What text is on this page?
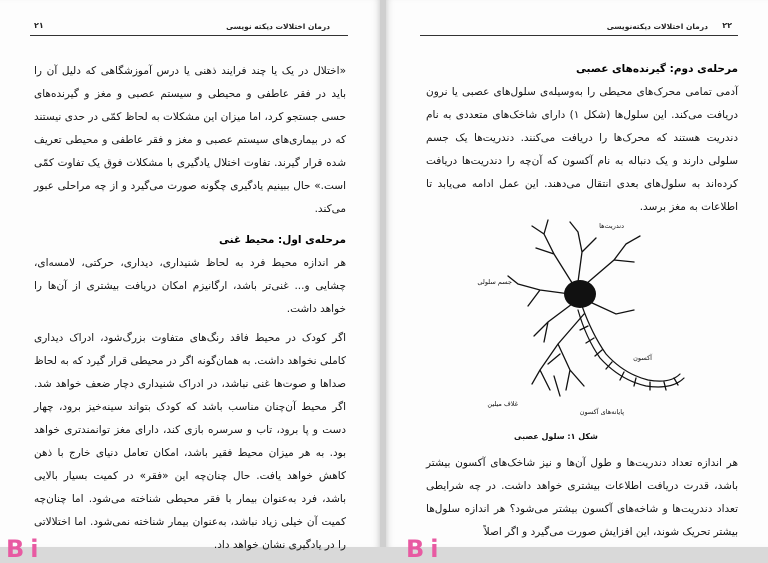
۲۱	درمان اختلالات دیکته نویسی

«اختلال در یک یا چند فرایند ذهنی یا درس آموزشگاهی که دلیل آن را باید در فقر عاطفی و محیطی و سیستم عصبی و مغز و گیرنده‌های حسی جستجو کرد، اما میزان این مشکلات به لحاظ کمّی در حدی نیستند که در بیماری‌های سیستم عصبی و مغز و فقر عاطفی و محیطی تعریف شده قرار گیرند. تفاوت اختلال یادگیری با مشکلات فوق یک تفاوت کمّی است.» حال ببینیم یادگیری چگونه صورت می‌گیرد و از چه مراحلی عبور می‌کند.

مرحله‌ی اول: محیط غنی

هر اندازه محیط فرد به لحاظ شنیداری، دیداری، حرکتی، لامسه‌ای، چشایی و... غنی‌تر باشد، ارگانیزم امکان دریافت بیشتری از آن‌ها را خواهد داشت.

اگر کودک در محیط فاقد رنگ‌های متفاوت بزرگ‌شود، ادراک دیداری کاملی نخواهد داشت. به همان‌گونه اگر در محیطی قرار گیرد که به لحاظ صداها و صوت‌ها غنی نباشد، در ادراک شنیداری دچار ضعف خواهد شد. اگر محیط آن‌چنان مناسب باشد که کودک بتواند سینه‌خیز برود، چهار دست و پا برود، تاب و سرسره بازی کند، دارای مغز توانمندتری خواهد بود. به هر میزان محیط فقیر باشد، امکان تعامل دنیای خارج با ذهن کاهش خواهد یافت. حال چنان‌چه این «فقر» در کمیت بسیار بالایی باشد، فرد به‌عنوان بیمار با فقر محیطی شناخته می‌شود. اما چنان‌چه کمیت آن خیلی زیاد نباشد، به‌عنوان بیمار شناخته نمی‌شود. اما اختلالاتی را در یادگیری نشان خواهد داد.

Bi
درمان اختلالات دیکته‌نویسی ۲۲

مرحله‌ی دوم: گیرنده‌های عصبی

آدمی تمامی محرک‌های محیطی را به‌وسیله‌ی سلول‌های عصبی یا نرون دریافت می‌کند. این سلول‌ها (شکل ۱) دارای شاخک‌های متعددی به نام دندریت هستند که محرک‌ها را دریافت می‌کنند. دندریت‌ها یک جسم سلولی دارند و یک دنباله به نام آکسون که آن‌چه را دندریت‌ها دریافت کرده‌اند به سلول‌های بعدی انتقال می‌دهند. این عمل ادامه می‌یابد تا اطلاعات به مغز برسد.

دندریت‌ها
جسم سلولی
آکسون
غلاف میلین
پایانه‌های آکسون
شکل ۱: سلول عصبی

هر اندازه تعداد دندریت‌ها و طول آن‌ها و نیز شاخک‌های آکسون بیشتر باشد، قدرت دریافت اطلاعات بیشتری خواهد داشت. در چه شرایطی تعداد دندریت‌ها و شاخه‌های آکسون بیشتر می‌شود؟ هر اندازه سلول‌ها بیشتر تحریک شوند، این افزایش صورت می‌گیرد و اگر اصلاً

Bi
